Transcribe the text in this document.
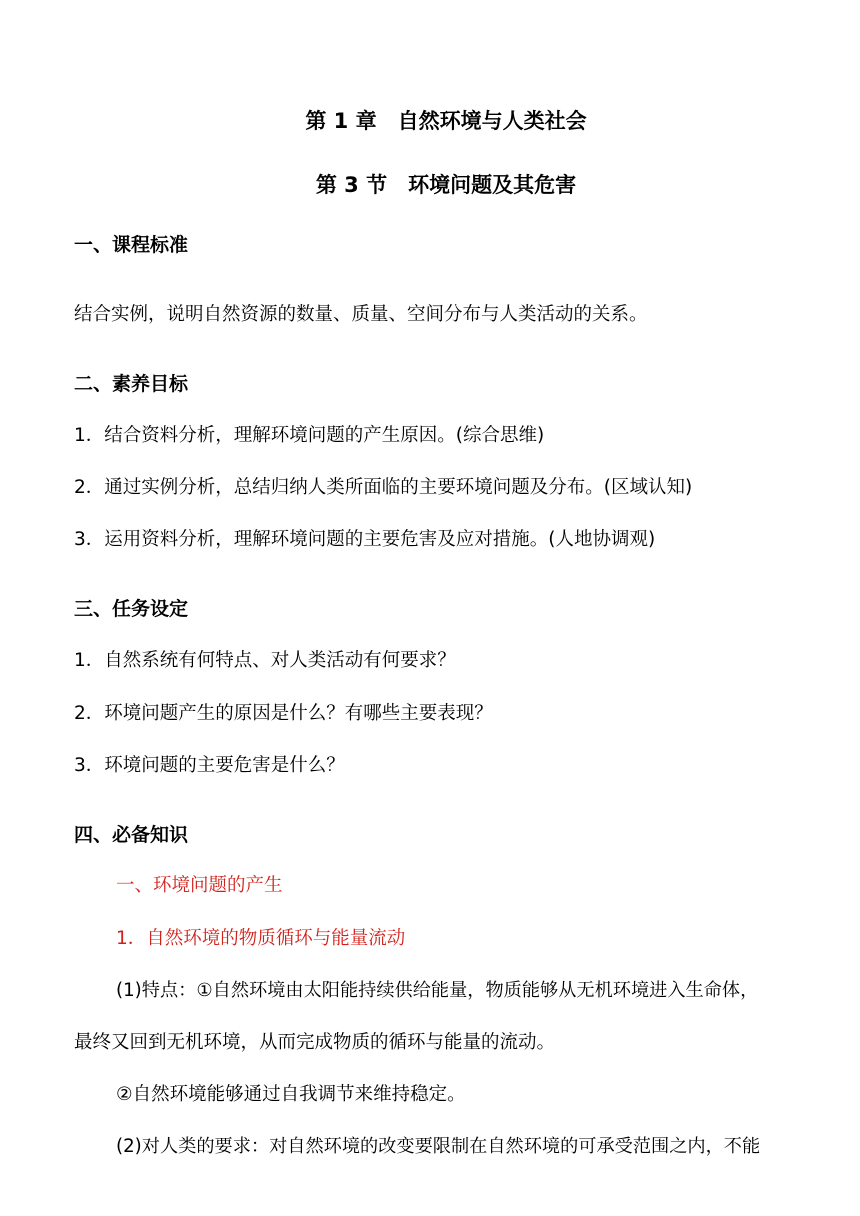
第 1 章　自然环境与人类社会
第 3 节　环境问题及其危害
一、课程标准
结合实例，说明自然资源的数量、质量、空间分布与人类活动的关系。
二、素养目标
1．结合资料分析，理解环境问题的产生原因。(综合思维)
2．通过实例分析，总结归纳人类所面临的主要环境问题及分布。(区域认知)
3．运用资料分析，理解环境问题的主要危害及应对措施。(人地协调观)
三、任务设定
1．自然系统有何特点、对人类活动有何要求？
2．环境问题产生的原因是什么？有哪些主要表现？
3．环境问题的主要危害是什么？
四、必备知识
一、环境问题的产生
1．自然环境的物质循环与能量流动
(1)特点：①自然环境由太阳能持续供给能量，物质能够从无机环境进入生命体，
最终又回到无机环境，从而完成物质的循环与能量的流动。
②自然环境能够通过自我调节来维持稳定。
(2)对人类的要求：对自然环境的改变要限制在自然环境的可承受范围之内，不能
